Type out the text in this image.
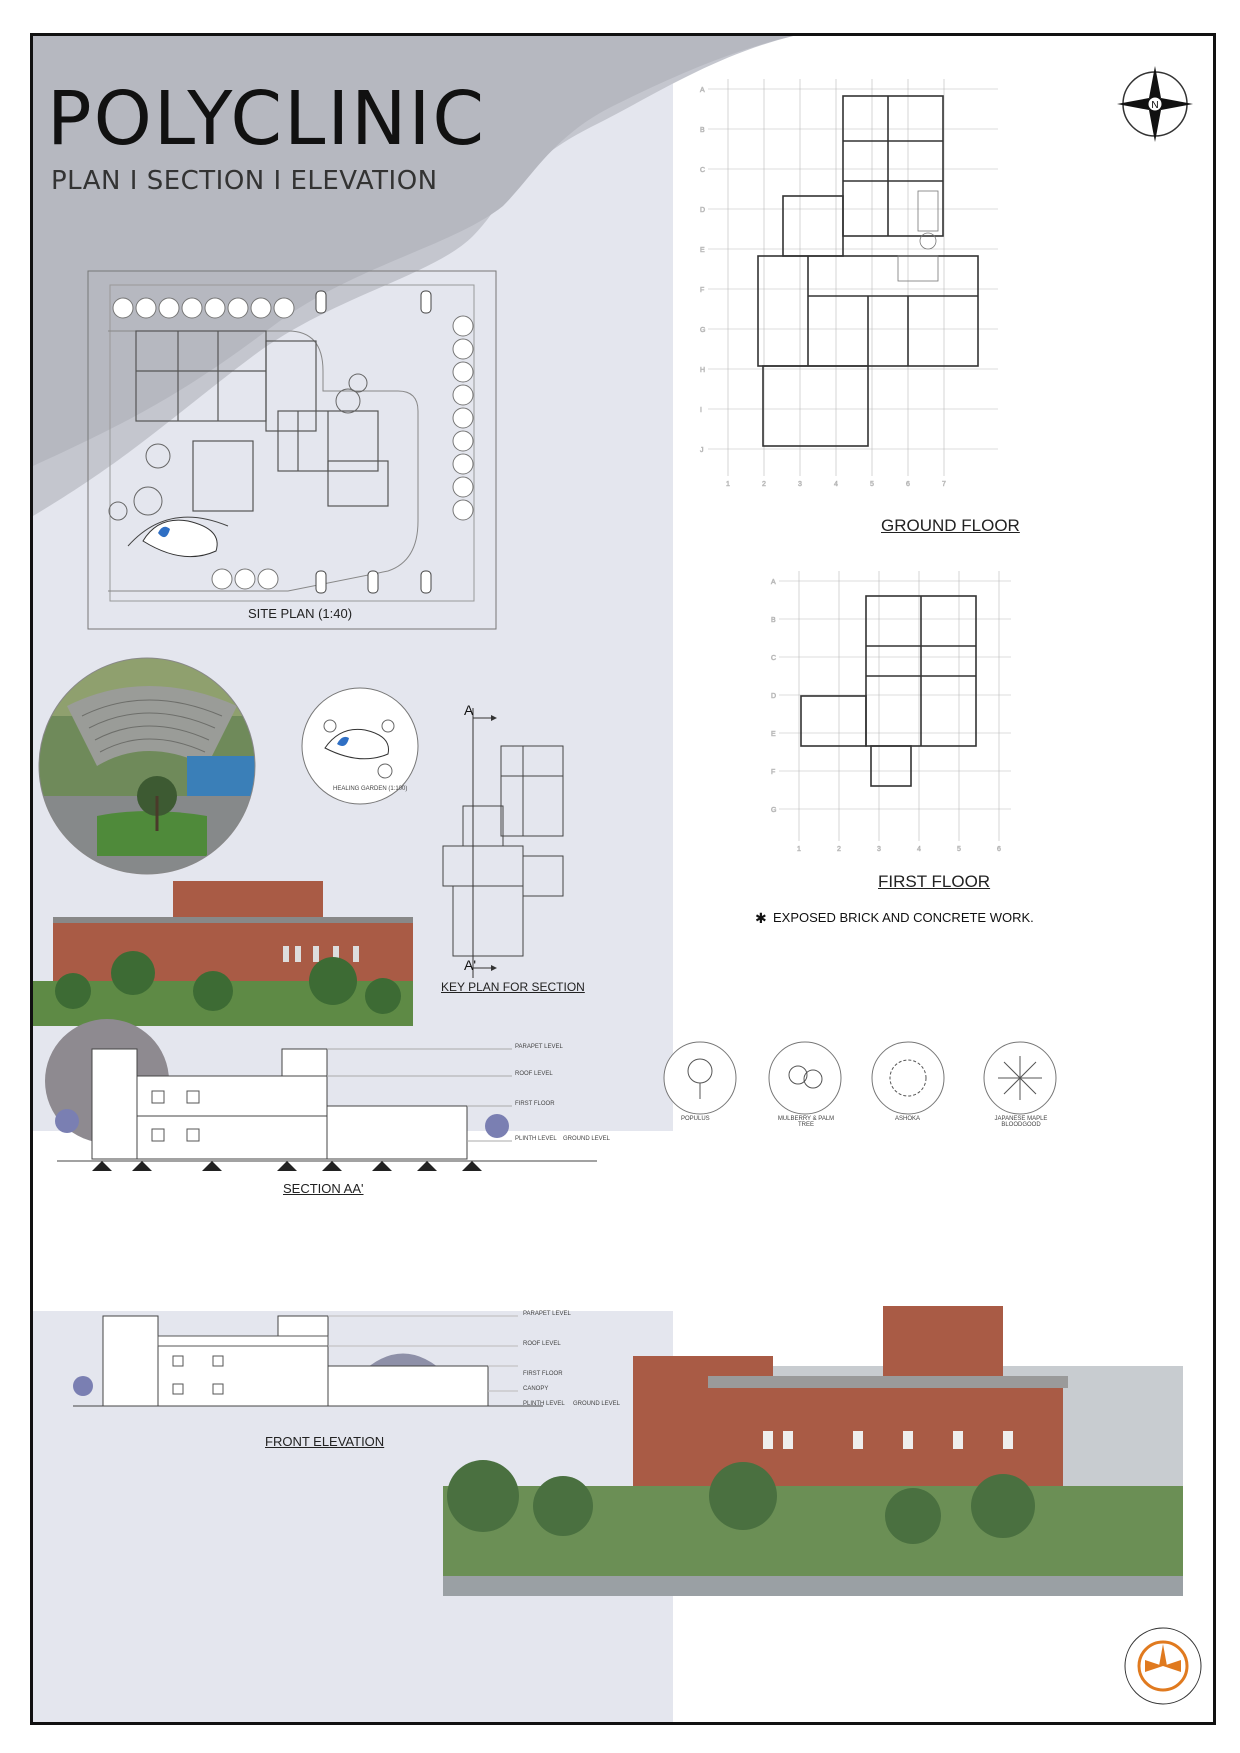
POLYCLINIC
PLAN I SECTION I ELEVATION
N
SITE PLAN (1:40)
HEALING GARDEN (1:100)
A
A'
KEY PLAN FOR SECTION
A
B
C
D
E
F
G
H
I
J
1	2	3	4	5	6	7
GROUND FLOOR
A
B
C
D
E
F
G
1	2	3	4	5	6
FIRST FLOOR
✱ EXPOSED BRICK AND CONCRETE WORK.
POPULUS	MULBERRY & PALM TREE
ASHOKA	JAPANESE MAPLE BLOODGOOD
PARAPET LEVEL
ROOF LEVEL
FIRST FLOOR
PLINTH LEVEL GROUND LEVEL
SECTION AA'
PARAPET LEVEL
ROOF LEVEL
FIRST FLOOR
CANOPY
PLINTH LEVEL GROUND LEVEL
FRONT ELEVATION
